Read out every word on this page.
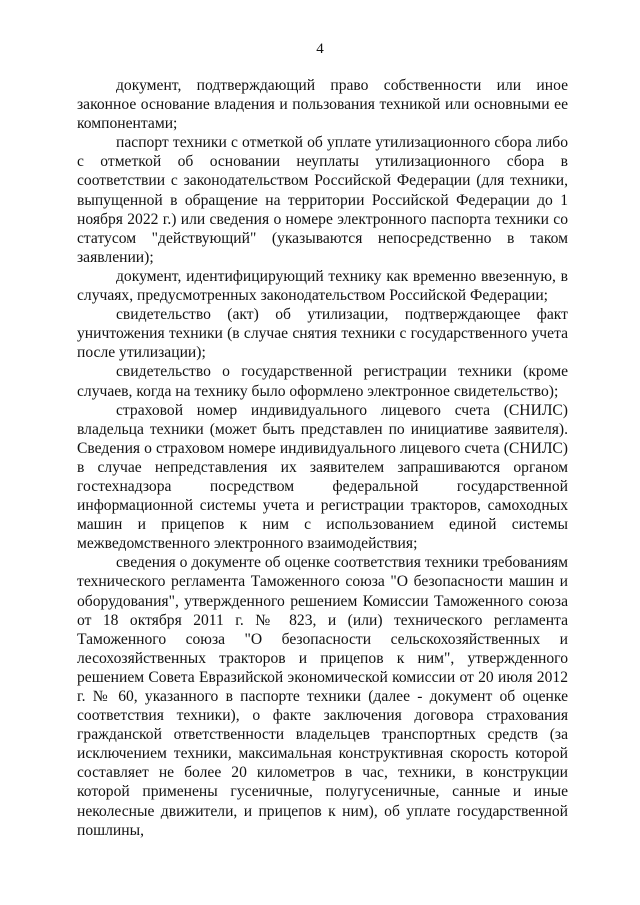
4

документ, подтверждающий право собственности или иное законное основание владения и пользования техникой или основными ее компонентами;

паспорт техники с отметкой об уплате утилизационного сбора либо с отметкой об основании неуплаты утилизационного сбора в соответствии с законодательством Российской Федерации (для техники, выпущенной в обращение на территории Российской Федерации до 1 ноября 2022 г.) или сведения о номере электронного паспорта техники со статусом "действующий" (указываются непосредственно в таком заявлении);

документ, идентифицирующий технику как временно ввезенную, в случаях, предусмотренных законодательством Российской Федерации;

свидетельство (акт) об утилизации, подтверждающее факт уничтожения техники (в случае снятия техники с государственного учета после утилизации);

свидетельство о государственной регистрации техники (кроме случаев, когда на технику было оформлено электронное свидетельство);

страховой номер индивидуального лицевого счета (СНИЛС) владельца техники (может быть представлен по инициативе заявителя). Сведения о страховом номере индивидуального лицевого счета (СНИЛС) в случае непредставления их заявителем запрашиваются органом гостехнадзора посредством федеральной государственной информационной системы учета и регистрации тракторов, самоходных машин и прицепов к ним с использованием единой системы межведомственного электронного взаимодействия;

сведения о документе об оценке соответствия техники требованиям технического регламента Таможенного союза "О безопасности машин и оборудования", утвержденного решением Комиссии Таможенного союза от 18 октября 2011 г. № 823, и (или) технического регламента Таможенного союза "О безопасности сельскохозяйственных и лесохозяйственных тракторов и прицепов к ним", утвержденного решением Совета Евразийской экономической комиссии от 20 июля 2012 г. № 60, указанного в паспорте техники (далее - документ об оценке соответствия техники), о факте заключения договора страхования гражданской ответственности владельцев транспортных средств (за исключением техники, максимальная конструктивная скорость которой составляет не более 20 километров в час, техники, в конструкции которой применены гусеничные, полугусеничные, санные и иные неколесные движители, и прицепов к ним), об уплате государственной пошлины,
